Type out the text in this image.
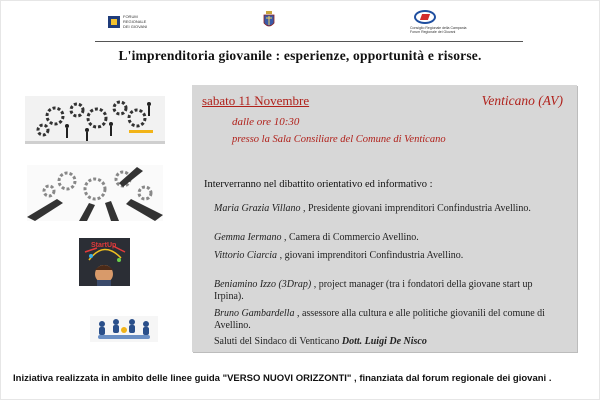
FORUM REGIONALE DEI GIOVANI	Consiglio Regionale della Campania
Forum Regionale dei Giovani
L'imprenditoria giovanile : esperienze, opportunità e risorse.
StartUp
sabato 11 Novembre	Venticano (AV)
dalle ore 10:30
presso la Sala Consiliare del Comune di Venticano
Interverranno nel dibattito orientativo ed informativo :
Maria Grazia Villano , Presidente giovani imprenditori Confindustria Avellino.
Gemma Iermano , Camera di Commercio Avellino.
Vittorio Ciarcia , giovani imprenditori Confindustria Avellino.
Beniamino Izzo (3Drap) , project manager (tra i fondatori della giovane start up Irpina).
Bruno Gambardella , assessore alla cultura e alle politiche giovanili del comune di Avellino.
Saluti del Sindaco di Venticano Dott. Luigi De Nisco
Iniziativa realizzata in ambito delle linee guida "VERSO NUOVI ORIZZONTI" , finanziata dal forum regionale dei giovani .
